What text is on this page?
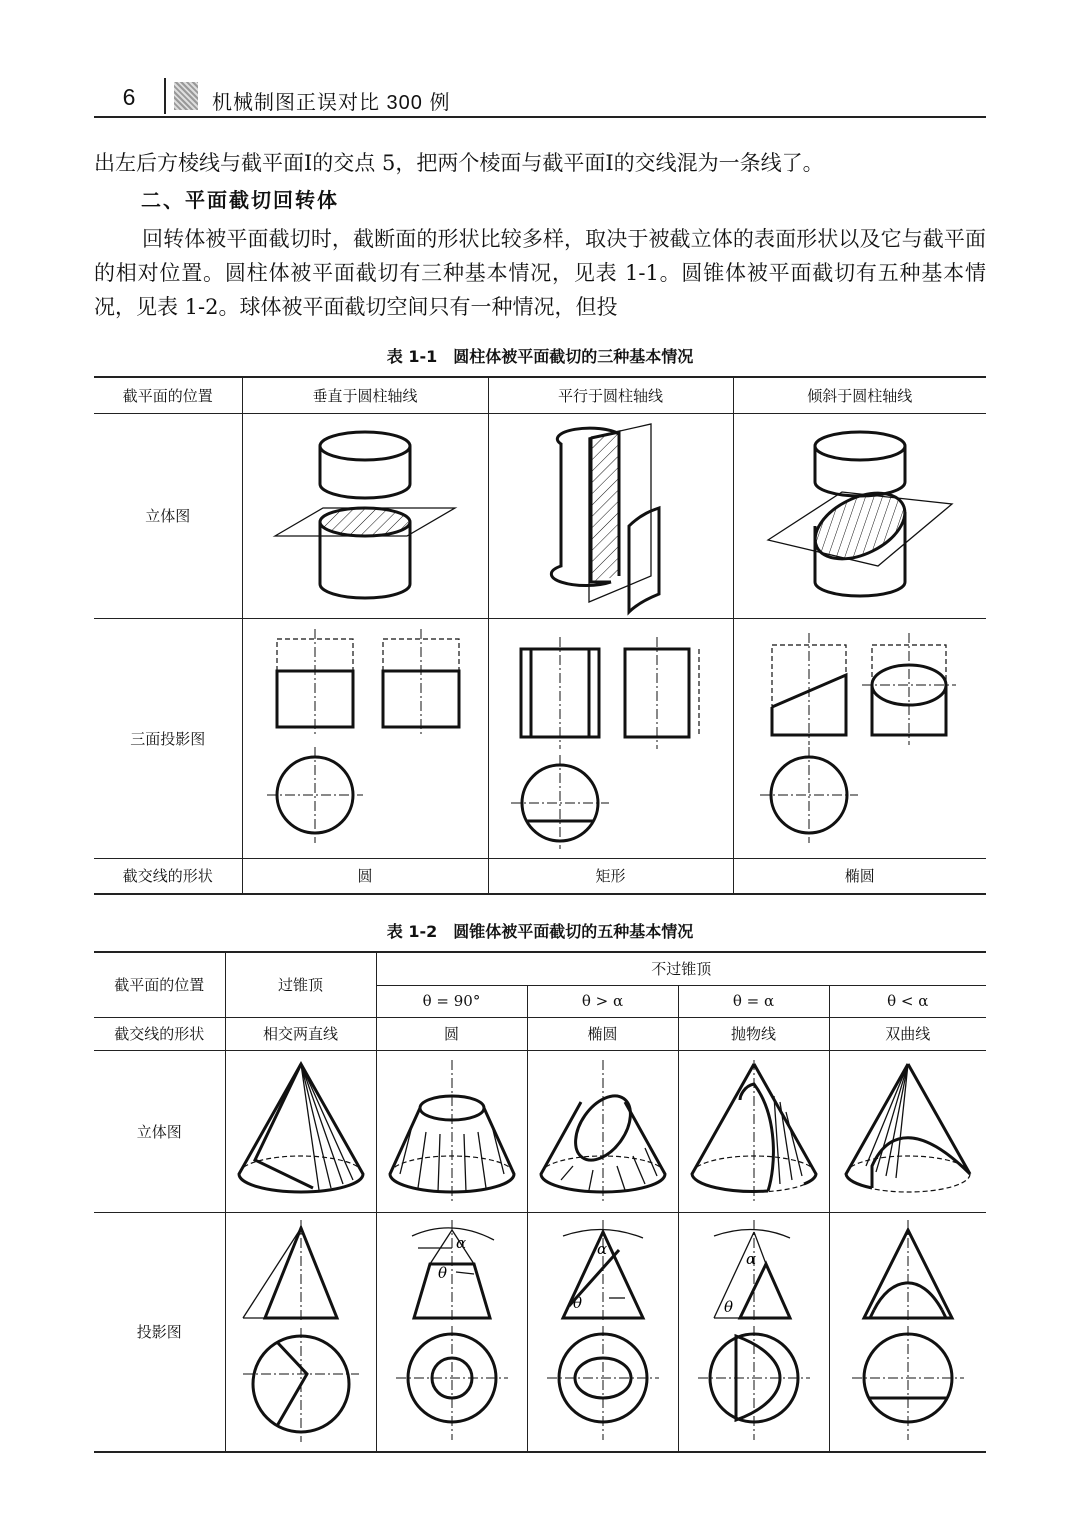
6	机械制图正误对比 300 例
出左后方棱线与截平面Ⅰ的交点 5，把两个棱面与截平面Ⅰ的交线混为一条线了。
二、平面截切回转体
回转体被平面截切时，截断面的形状比较多样，取决于被截立体的表面形状以及它与截平面的相对位置。圆柱体被平面截切有三种基本情况，见表 1-1。圆锥体被平面截切有五种基本情况，见表 1-2。球体被平面截切空间只有一种情况，但投
表 1-1　圆柱体被平面截切的三种基本情况
截平面的位置	垂直于圆柱轴线	平行于圆柱轴线	倾斜于圆柱轴线
立体图	

三面投影图	

截交线的形状	圆	矩形	椭圆
表 1-2　圆锥体被平面截切的五种基本情况
截平面的位置	过锥顶	不过锥顶			
		θ = 90°	θ > α	θ = α	θ < α
截交线的形状	相交两直线	圆	椭圆	抛物线	双曲线
立体图	

投影图		α
θ	α
θ	α
θ
